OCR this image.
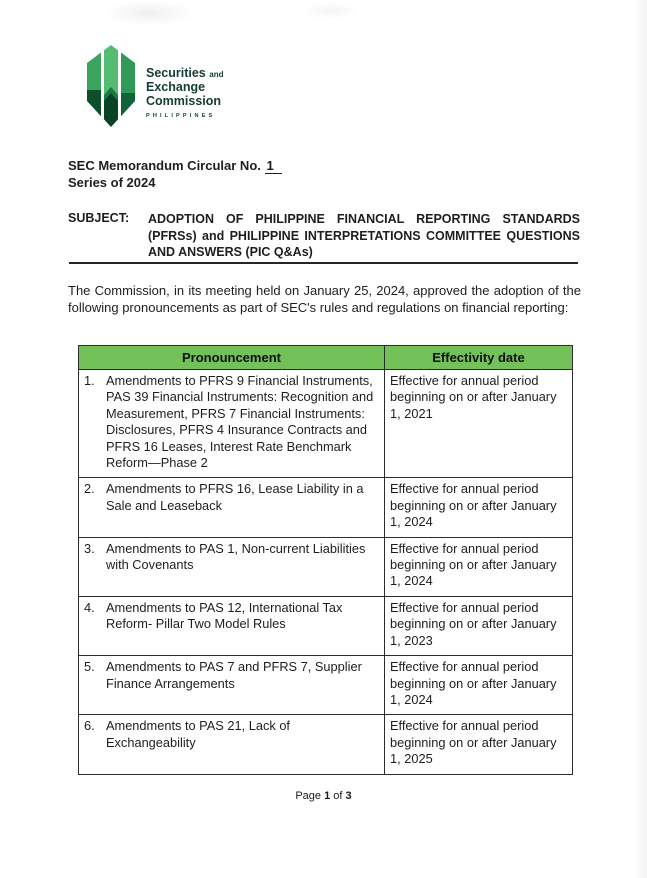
Securities and
Exchange
Commission
PHILIPPINES
SEC Memorandum Circular No. 1
Series of 2024
SUBJECT:	ADOPTION OF PHILIPPINE FINANCIAL REPORTING STANDARDS (PFRSs) and PHILIPPINE INTERPRETATIONS COMMITTEE QUESTIONS AND ANSWERS (PIC Q&As)
The Commission, in its meeting held on January 25, 2024, approved the adoption of the following pronouncements as part of SEC's rules and regulations on financial reporting:
Pronouncement	Effectivity date

1. Amendments to PFRS 9 Financial Instruments, PAS 39 Financial Instruments: Recognition and Measurement, PFRS 7 Financial Instruments: Disclosures, PFRS 4 Insurance Contracts and PFRS 16 Leases, Interest Rate Benchmark Reform—Phase 2	Effective for annual period beginning on or after January 1, 2021

2. Amendments to PFRS 16, Lease Liability in a Sale and Leaseback	Effective for annual period beginning on or after January 1, 2024

3. Amendments to PAS 1, Non-current Liabilities with Covenants	Effective for annual period beginning on or after January 1, 2024

4. Amendments to PAS 12, International Tax Reform- Pillar Two Model Rules	Effective for annual period beginning on or after January 1, 2023

5. Amendments to PAS 7 and PFRS 7, Supplier Finance Arrangements	Effective for annual period beginning on or after January 1, 2024

6. Amendments to PAS 21, Lack of Exchangeability	Effective for annual period beginning on or after January 1, 2025
Page 1 of 3
